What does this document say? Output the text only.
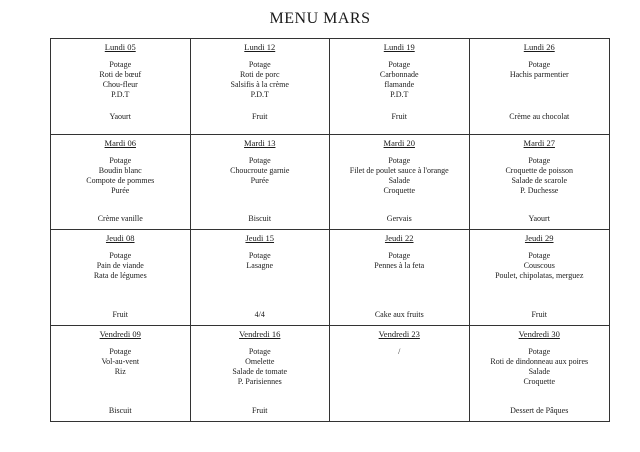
MENU MARS
Lundi 05
Potage
Roti de bœuf
Chou-fleur
P.D.T
Yaourt
Lundi 12
Potage
Roti de porc
Salsifis à la crème
P.D.T
Fruit
Lundi 19
Potage
Carbonnade
flamande
P.D.T
Fruit
Lundi 26
Potage
Hachis parmentier
Crème au chocolat
Mardi 06
Potage
Boudin blanc
Compote de pommes
Purée
Crème vanille
Mardi 13
Potage
Choucroute garnie
Purée
Biscuit
Mardi 20
Potage
Filet de poulet sauce à l'orange
Salade
Croquette
Gervais
Mardi 27
Potage
Croquette de poisson
Salade de scarole
P. Duchesse
Yaourt
Jeudi 08
Potage
Pain de viande
Rata de légumes
Fruit
Jeudi 15
Potage
Lasagne
4/4
Jeudi 22
Potage
Pennes à la feta
Cake aux fruits
Jeudi 29
Potage
Couscous
Poulet, chipolatas, merguez
Fruit
Vendredi 09
Potage
Vol-au-vent
Riz
Biscuit
Vendredi 16
Potage
Omelette
Salade de tomate
P. Parisiennes
Fruit
Vendredi 23
/
Vendredi 30
Potage
Roti de dindonneau aux poires
Salade
Croquette
Dessert de Pâques
